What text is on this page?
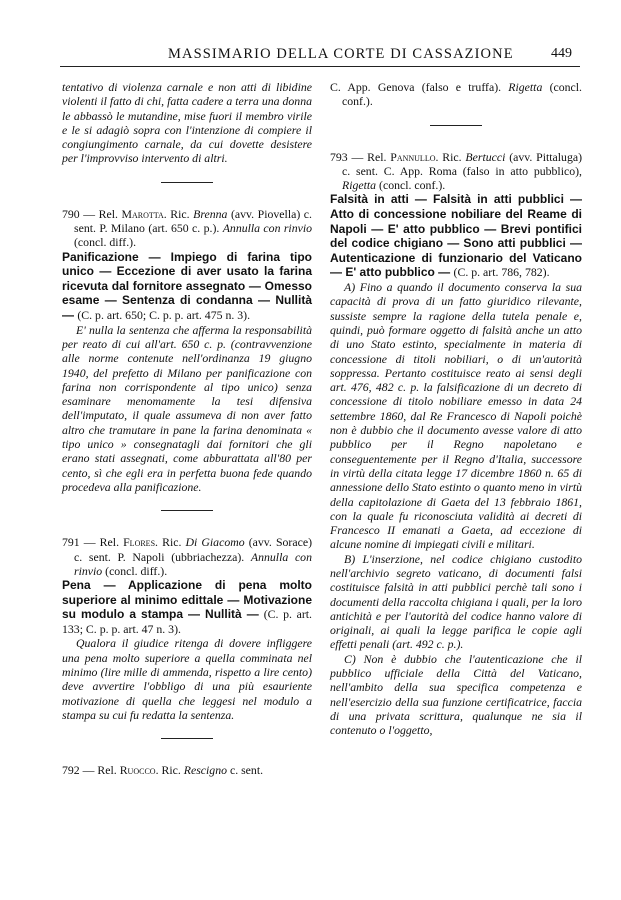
MASSIMARIO DELLA CORTE DI CASSAZIONE	449

tentativo di violenza carnale e non atti di libidine violenti il fatto di chi, fatta cadere a terra una donna le abbassò le mutandine, mise fuori il membro virile e le si adagiò sopra con l'intenzione di compiere il congiungimento carnale, da cui dovette desistere per l'improvviso intervento di altri.

790 — Rel. Marotta. Ric. Brenna (avv. Piovella) c. sent. P. Milano (art. 650 c. p.). Annulla con rinvio (concl. diff.).

Panificazione — Impiego di farina tipo unico — Eccezione di aver usato la farina ricevuta dal fornitore assegnato — Omesso esame — Sentenza di condanna — Nullità — (C. p. art. 650; C. p. p. art. 475 n. 3).

E' nulla la sentenza che afferma la responsabilità per reato di cui all'art. 650 c. p. (contravvenzione alle norme contenute nell'ordinanza 19 giugno 1940, del prefetto di Milano per panificazione con farina non corrispondente al tipo unico) senza esaminare menomamente la tesi difensiva dell'imputato, il quale assumeva di non aver fatto altro che tramutare in pane la farina denominata « tipo unico » consegnatagli dai fornitori che gli erano stati assegnati, come abburattata all'80 per cento, sì che egli era in perfetta buona fede quando procedeva alla panificazione.

791 — Rel. Flores. Ric. Di Giacomo (avv. Sorace) c. sent. P. Napoli (ubbriachezza). Annulla con rinvio (concl. diff.).

Pena — Applicazione di pena molto superiore al minimo edittale — Motivazione su modulo a stampa — Nullità — (C. p. art. 133; C. p. p. art. 47 n. 3).

Qualora il giudice ritenga di dovere infliggere una pena molto superiore a quella comminata nel minimo (lire mille di ammenda, rispetto a lire cento) deve avvertire l'obbligo di una più esauriente motivazione di quella che leggesi nel modulo a stampa su cui fu redatta la sentenza.

792 — Rel. Ruocco. Ric. Rescigno c. sent.

C. App. Genova (falso e truffa). Rigetta (concl. conf.).

793 — Rel. Pannullo. Ric. Bertucci (avv. Pittaluga) c. sent. C. App. Roma (falso in atto pubblico), Rigetta (concl. conf.).

Falsità in atti — Falsità in atti pubblici — Atto di concessione nobiliare del Reame di Napoli — E' atto pubblico — Brevi pontifici del codice chigiano — Sono atti pubblici — Autenticazione di funzionario del Vaticano — E' atto pubblico — (C. p. art. 786, 782).

A) Fino a quando il documento conserva la sua capacità di prova di un fatto giuridico rilevante, sussiste sempre la ragione della tutela penale e, quindi, può formare oggetto di falsità anche un atto di uno Stato estinto, specialmente in materia di concessione di titoli nobiliari, o di un'autorità soppressa. Pertanto costituisce reato ai sensi degli art. 476, 482 c. p. la falsificazione di un decreto di concessione di titolo nobiliare emesso in data 24 settembre 1860, dal Re Francesco di Napoli poichè non è dubbio che il documento avesse valore di atto pubblico per il Regno napoletano e conseguentemente per il Regno d'Italia, successore in virtù della citata legge 17 dicembre 1860 n. 65 di annessione dello Stato estinto o quanto meno in virtù della capitolazione di Gaeta del 13 febbraio 1861, con la quale fu riconosciuta validità ai decreti di Francesco II emanati a Gaeta, ad eccezione di alcune nomine di impiegati civili e militari.

B) L'inserzione, nel codice chigiano custodito nell'archivio segreto vaticano, di documenti falsi costituisce falsità in atti pubblici perchè tali sono i documenti della raccolta chigiana i quali, per la loro antichità e per l'autorità del codice hanno valore di originali, ai quali la legge parifica le copie agli effetti penali (art. 492 c. p.).

C) Non è dubbio che l'autenticazione che il pubblico ufficiale della Città del Vaticano, nell'ambito della sua specifica competenza e nell'esercizio della sua funzione certificatrice, faccia di una privata scrittura, qualunque ne sia il contenuto o l'oggetto,
